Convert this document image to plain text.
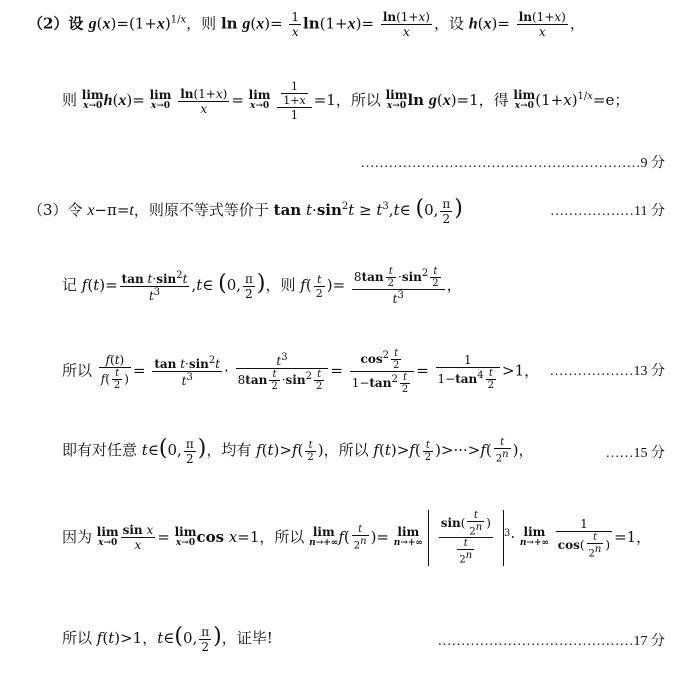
（2）设 $g(x)=(1+x)^{1/x}$，则 $\ln g(x)= \frac{1}{x} \ln(1+x)= \frac{\ln(1+x)}{x}$ ，设 $h(x)= \frac{\ln(1+x)}{x}$ ，
则 lim
x→0 h(x)= lim
x→0
$\frac{\ln(1+x)}{x} = \lim$
x→0
$\frac{\frac{1}{1+x}}{1} =1$，所以 lim
x→0 ln g(x)=1，得 lim
x→0 $(1+x)^{1/x}=e$；
……………………………………………………9 分
（3）令 x−π=t，则原不等式等价于 $\tan t\cdot\sin^2t$ ≥ $t^3,t\in$ (0, $\frac{\pi}{2}$ )	………………11 分
记 $f(t)= \frac{\tan t\cdot\sin^2t}{t^3}$ ,t∈ (0, $\frac{\pi}{2}$ )，则 $f( \frac{t}{2}$ )= $\frac{8\tan \frac{t}{2} \cdot\sin^2 \frac{t}{2}}{t^3}$ ，
所以 $\frac{f(t)}{f( \frac{t}{2} )} = \frac{\tan t\cdot\sin^2t}{t^3} \cdot \frac{t^3}{8\tan \frac{t}{2} \cdot\sin^2 \frac{t}{2}} = \frac{\cos^2 \frac{t}{2}}{1-\tan^2 \frac{t}{2}} = \frac{1}{1-\tan^4 \frac{t}{2}} >1$， ………………13 分
即有对任意 t∈(0, $\frac{\pi}{2}$ )，均有 $f(t)>f( \frac{t}{2}$ )，所以 $f(t)>f( \frac{t}{2} )>\cdot\cdot\cdot>f( \frac{t}{2^n}$ )，	……15 分
因为 lim
$x\to 0 \frac{\text{sin x}}{x} = \lim$
x→0 cos x=1，所以 lim
n→+∞ $f( \frac{t}{2^n}$ )= lim
n→+∞
$\frac{\sin( \frac{t}{2^n} )}{\frac{t}{2^n}} ^3\cdot \lim$
n→+∞
$\frac{1}{\cos( \frac{t}{2^n} )} =1$，
所以 f(t)>1，t∈(0, $\frac{\pi}{2}$ )，证毕!	……………………………………17 分
